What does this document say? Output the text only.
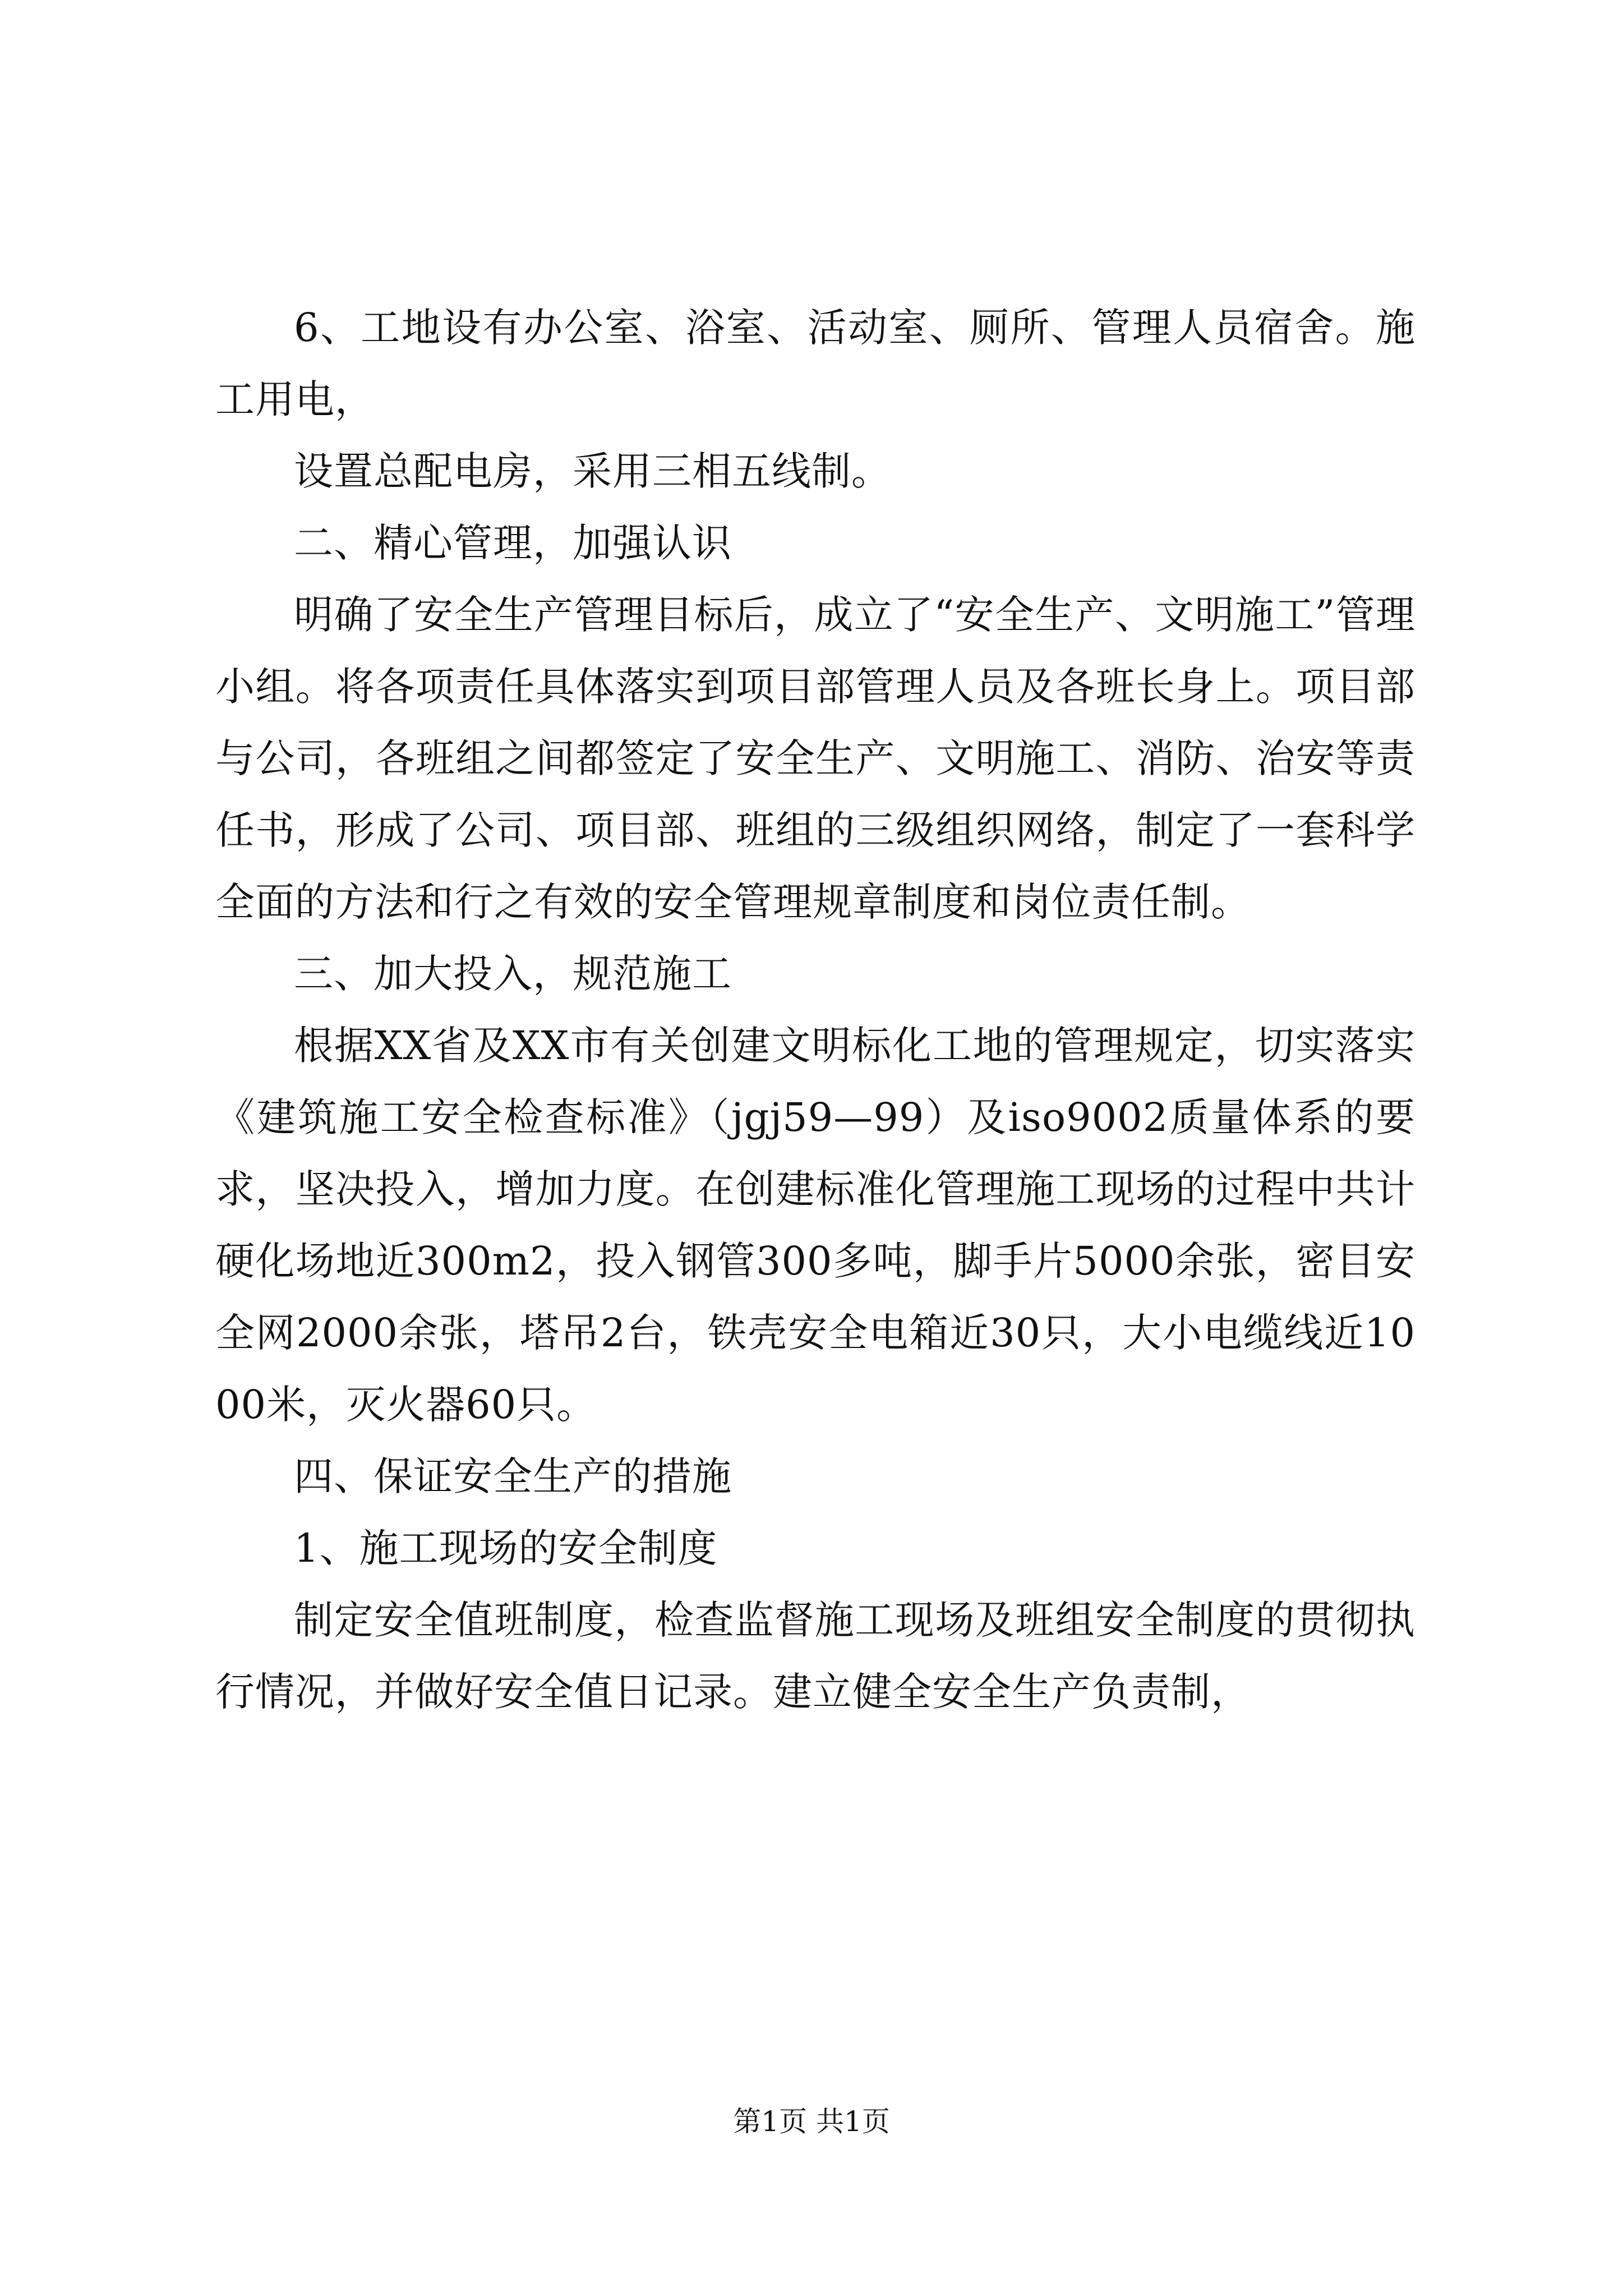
6、工地设有办公室、浴室、活动室、厕所、管理人员宿舍。施工用电，

设置总配电房，采用三相五线制。

二、精心管理，加强认识

明确了安全生产管理目标后，成立了“安全生产、文明施工”管理小组。将各项责任具体落实到项目部管理人员及各班长身上。项目部与公司，各班组之间都签定了安全生产、文明施工、消防、治安等责任书，形成了公司、项目部、班组的三级组织网络，制定了一套科学全面的方法和行之有效的安全管理规章制度和岗位责任制。

三、加大投入，规范施工

根据XX省及XX市有关创建文明标化工地的管理规定，切实落实《建筑施工安全检查标准》（jgj59—99）及iso9002质量体系的要求，坚决投入，增加力度。在创建标准化管理施工现场的过程中共计硬化场地近300m2，投入钢管300多吨，脚手片5000余张，密目安全网2000余张，塔吊2台，铁壳安全电箱近30只，大小电缆线近1000米，灭火器60只。

四、保证安全生产的措施

1、施工现场的安全制度

制定安全值班制度，检查监督施工现场及班组安全制度的贯彻执行情况，并做好安全值日记录。建立健全安全生产负责制，

第1页 共1页
